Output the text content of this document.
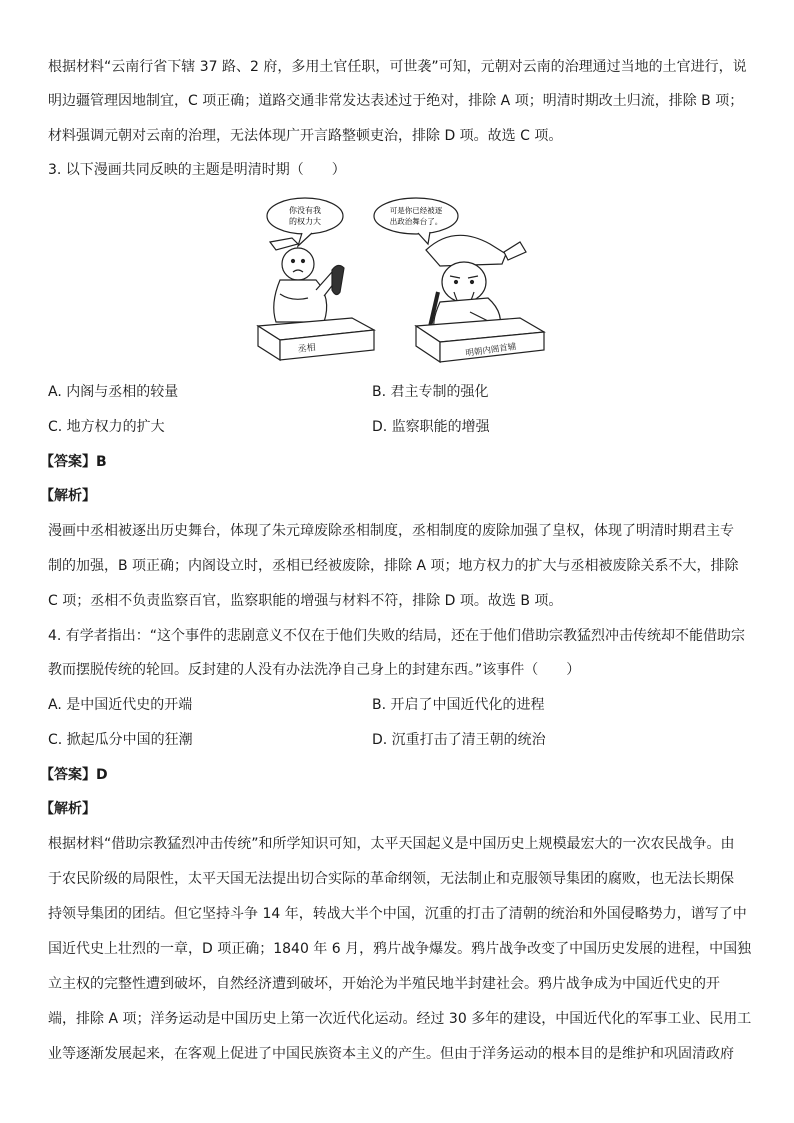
根据材料“云南行省下辖 37 路、2 府，多用土官任职，可世袭”可知，元朝对云南的治理通过当地的土官进行，说
明边疆管理因地制宜，C 项正确；道路交通非常发达表述过于绝对，排除 A 项；明清时期改土归流，排除 B 项；
材料强调元朝对云南的治理，无法体现广开言路整顿吏治，排除 D 项。故选 C 项。
3. 以下漫画共同反映的主题是明清时期（　　）
你没有我
的权力大
可是你已经被逐
出政治舞台了。
丞相	明朝内阁首辅
A. 内阁与丞相的较量	B. 君主专制的强化
C. 地方权力的扩大	D. 监察职能的增强
【答案】B
【解析】
漫画中丞相被逐出历史舞台，体现了朱元璋废除丞相制度，丞相制度的废除加强了皇权，体现了明清时期君主专
制的加强，B 项正确；内阁设立时，丞相已经被废除，排除 A 项；地方权力的扩大与丞相被废除关系不大，排除
C 项；丞相不负责监察百官，监察职能的增强与材料不符，排除 D 项。故选 B 项。
4. 有学者指出：“这个事件的悲剧意义不仅在于他们失败的结局，还在于他们借助宗教猛烈冲击传统却不能借助宗
教而摆脱传统的轮回。反封建的人没有办法洗净自己身上的封建东西。”该事件（　　）
A. 是中国近代史的开端	B. 开启了中国近代化的进程
C. 掀起瓜分中国的狂潮	D. 沉重打击了清王朝的统治
【答案】D
【解析】
根据材料“借助宗教猛烈冲击传统”和所学知识可知，太平天国起义是中国历史上规模最宏大的一次农民战争。由
于农民阶级的局限性，太平天国无法提出切合实际的革命纲领，无法制止和克服领导集团的腐败，也无法长期保
持领导集团的团结。但它坚持斗争 14 年，转战大半个中国，沉重的打击了清朝的统治和外国侵略势力，谱写了中
国近代史上壮烈的一章，D 项正确；1840 年 6 月，鸦片战争爆发。鸦片战争改变了中国历史发展的进程，中国独
立主权的完整性遭到破坏，自然经济遭到破坏，开始沦为半殖民地半封建社会。鸦片战争成为中国近代史的开
端，排除 A 项；洋务运动是中国历史上第一次近代化运动。经过 30 多年的建设，中国近代化的军事工业、民用工
业等逐渐发展起来，在客观上促进了中国民族资本主义的产生。但由于洋务运动的根本目的是维护和巩固清政府
